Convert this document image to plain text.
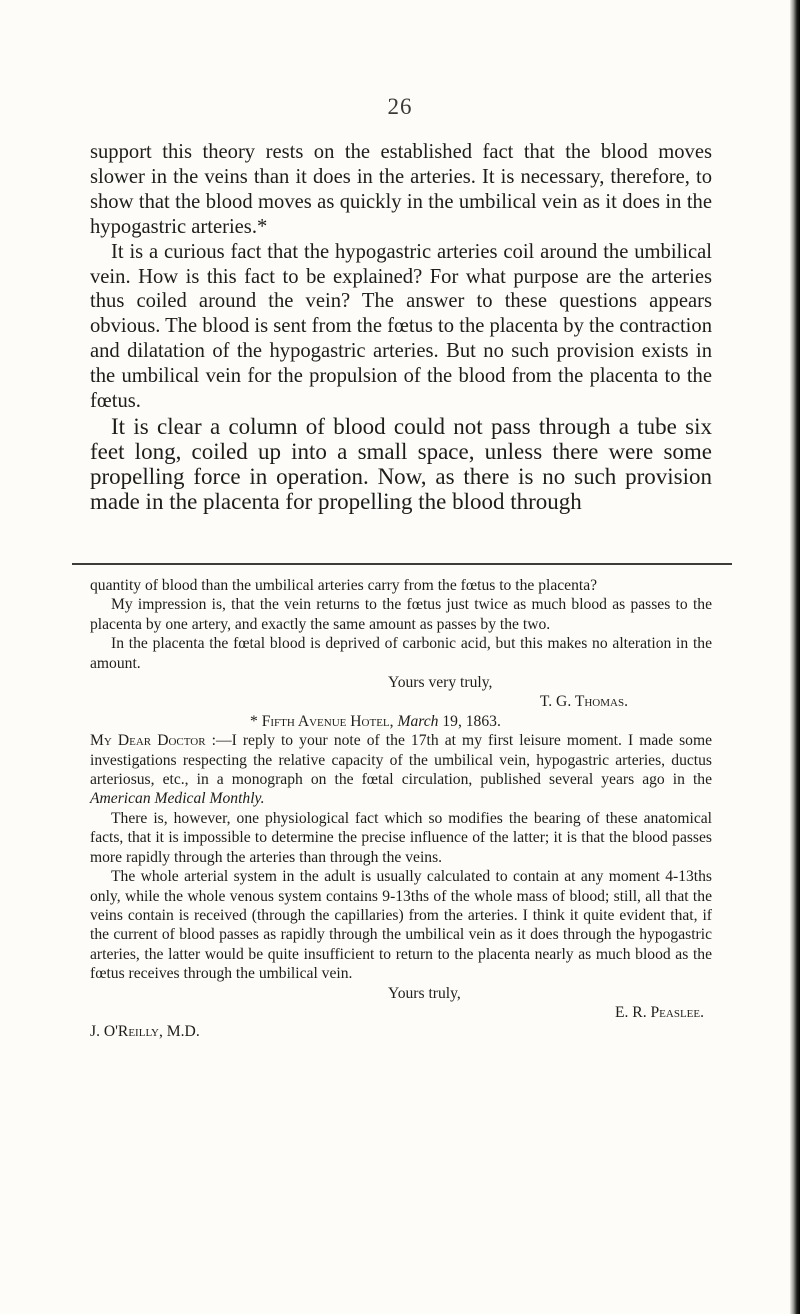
26

support this theory rests on the established fact that the blood moves slower in the veins than it does in the arteries. It is necessary, therefore, to show that the blood moves as quickly in the umbilical vein as it does in the hypogastric arteries.*

It is a curious fact that the hypogastric arteries coil around the umbilical vein. How is this fact to be explained? For what purpose are the arteries thus coiled around the vein? The answer to these questions appears obvious. The blood is sent from the fœtus to the placenta by the contraction and dilatation of the hypogastric arteries. But no such provision exists in the umbilical vein for the propulsion of the blood from the placenta to the fœtus.

It is clear a column of blood could not pass through a tube six feet long, coiled up into a small space, unless there were some propelling force in operation. Now, as there is no such provision made in the placenta for propelling the blood through

quantity of blood than the umbilical arteries carry from the fœtus to the placenta?

My impression is, that the vein returns to the fœtus just twice as much blood as passes to the placenta by one artery, and exactly the same amount as passes by the two.

In the placenta the fœtal blood is deprived of carbonic acid, but this makes no alteration in the amount.

Yours very truly,

T. G. Thomas.

* Fifth Avenue Hotel, March 19, 1863.

My Dear Doctor :—I reply to your note of the 17th at my first leisure moment. I made some investigations respecting the relative capacity of the umbilical vein, hypogastric arteries, ductus arteriosus, etc., in a monograph on the fœtal circulation, published several years ago in the American Medical Monthly.

There is, however, one physiological fact which so modifies the bearing of these anatomical facts, that it is impossible to determine the precise influence of the latter; it is that the blood passes more rapidly through the arteries than through the veins.

The whole arterial system in the adult is usually calculated to contain at any moment 4-13ths only, while the whole venous system contains 9-13ths of the whole mass of blood; still, all that the veins contain is received (through the capillaries) from the arteries. I think it quite evident that, if the current of blood passes as rapidly through the umbilical vein as it does through the hypogastric arteries, the latter would be quite insufficient to return to the placenta nearly as much blood as the fœtus receives through the umbilical vein.

Yours truly,

J. O'Reilly, M.D.
E. R. Peaslee.
